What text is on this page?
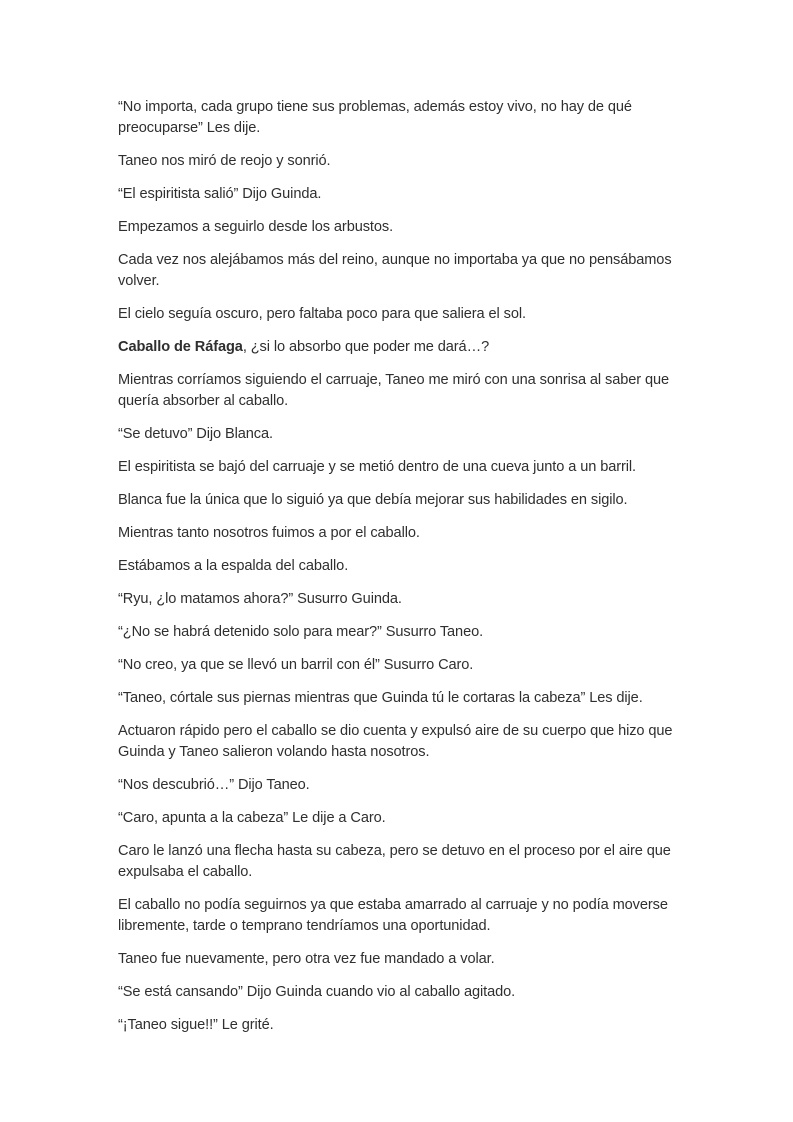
“No importa, cada grupo tiene sus problemas, además estoy vivo, no hay de qué preocuparse” Les dije.

Taneo nos miró de reojo y sonrió.

“El espiritista salió” Dijo Guinda.

Empezamos a seguirlo desde los arbustos.

Cada vez nos alejábamos más del reino, aunque no importaba ya que no pensábamos volver.

El cielo seguía oscuro, pero faltaba poco para que saliera el sol.

Caballo de Ráfaga, ¿si lo absorbo que poder me dará…?

Mientras corríamos siguiendo el carruaje, Taneo me miró con una sonrisa al saber que quería absorber al caballo.

“Se detuvo” Dijo Blanca.

El espiritista se bajó del carruaje y se metió dentro de una cueva junto a un barril.

Blanca fue la única que lo siguió ya que debía mejorar sus habilidades en sigilo.

Mientras tanto nosotros fuimos a por el caballo.

Estábamos a la espalda del caballo.

“Ryu, ¿lo matamos ahora?” Susurro Guinda.

“¿No se habrá detenido solo para mear?” Susurro Taneo.

“No creo, ya que se llevó un barril con él” Susurro Caro.

“Taneo, córtale sus piernas mientras que Guinda tú le cortaras la cabeza” Les dije.

Actuaron rápido pero el caballo se dio cuenta y expulsó aire de su cuerpo que hizo que Guinda y Taneo salieron volando hasta nosotros.

“Nos descubrió…” Dijo Taneo.

“Caro, apunta a la cabeza” Le dije a Caro.

Caro le lanzó una flecha hasta su cabeza, pero se detuvo en el proceso por el aire que expulsaba el caballo.

El caballo no podía seguirnos ya que estaba amarrado al carruaje y no podía moverse libremente, tarde o temprano tendríamos una oportunidad.

Taneo fue nuevamente, pero otra vez fue mandado a volar.

“Se está cansando” Dijo Guinda cuando vio al caballo agitado.

“¡Taneo sigue!!” Le grité.
